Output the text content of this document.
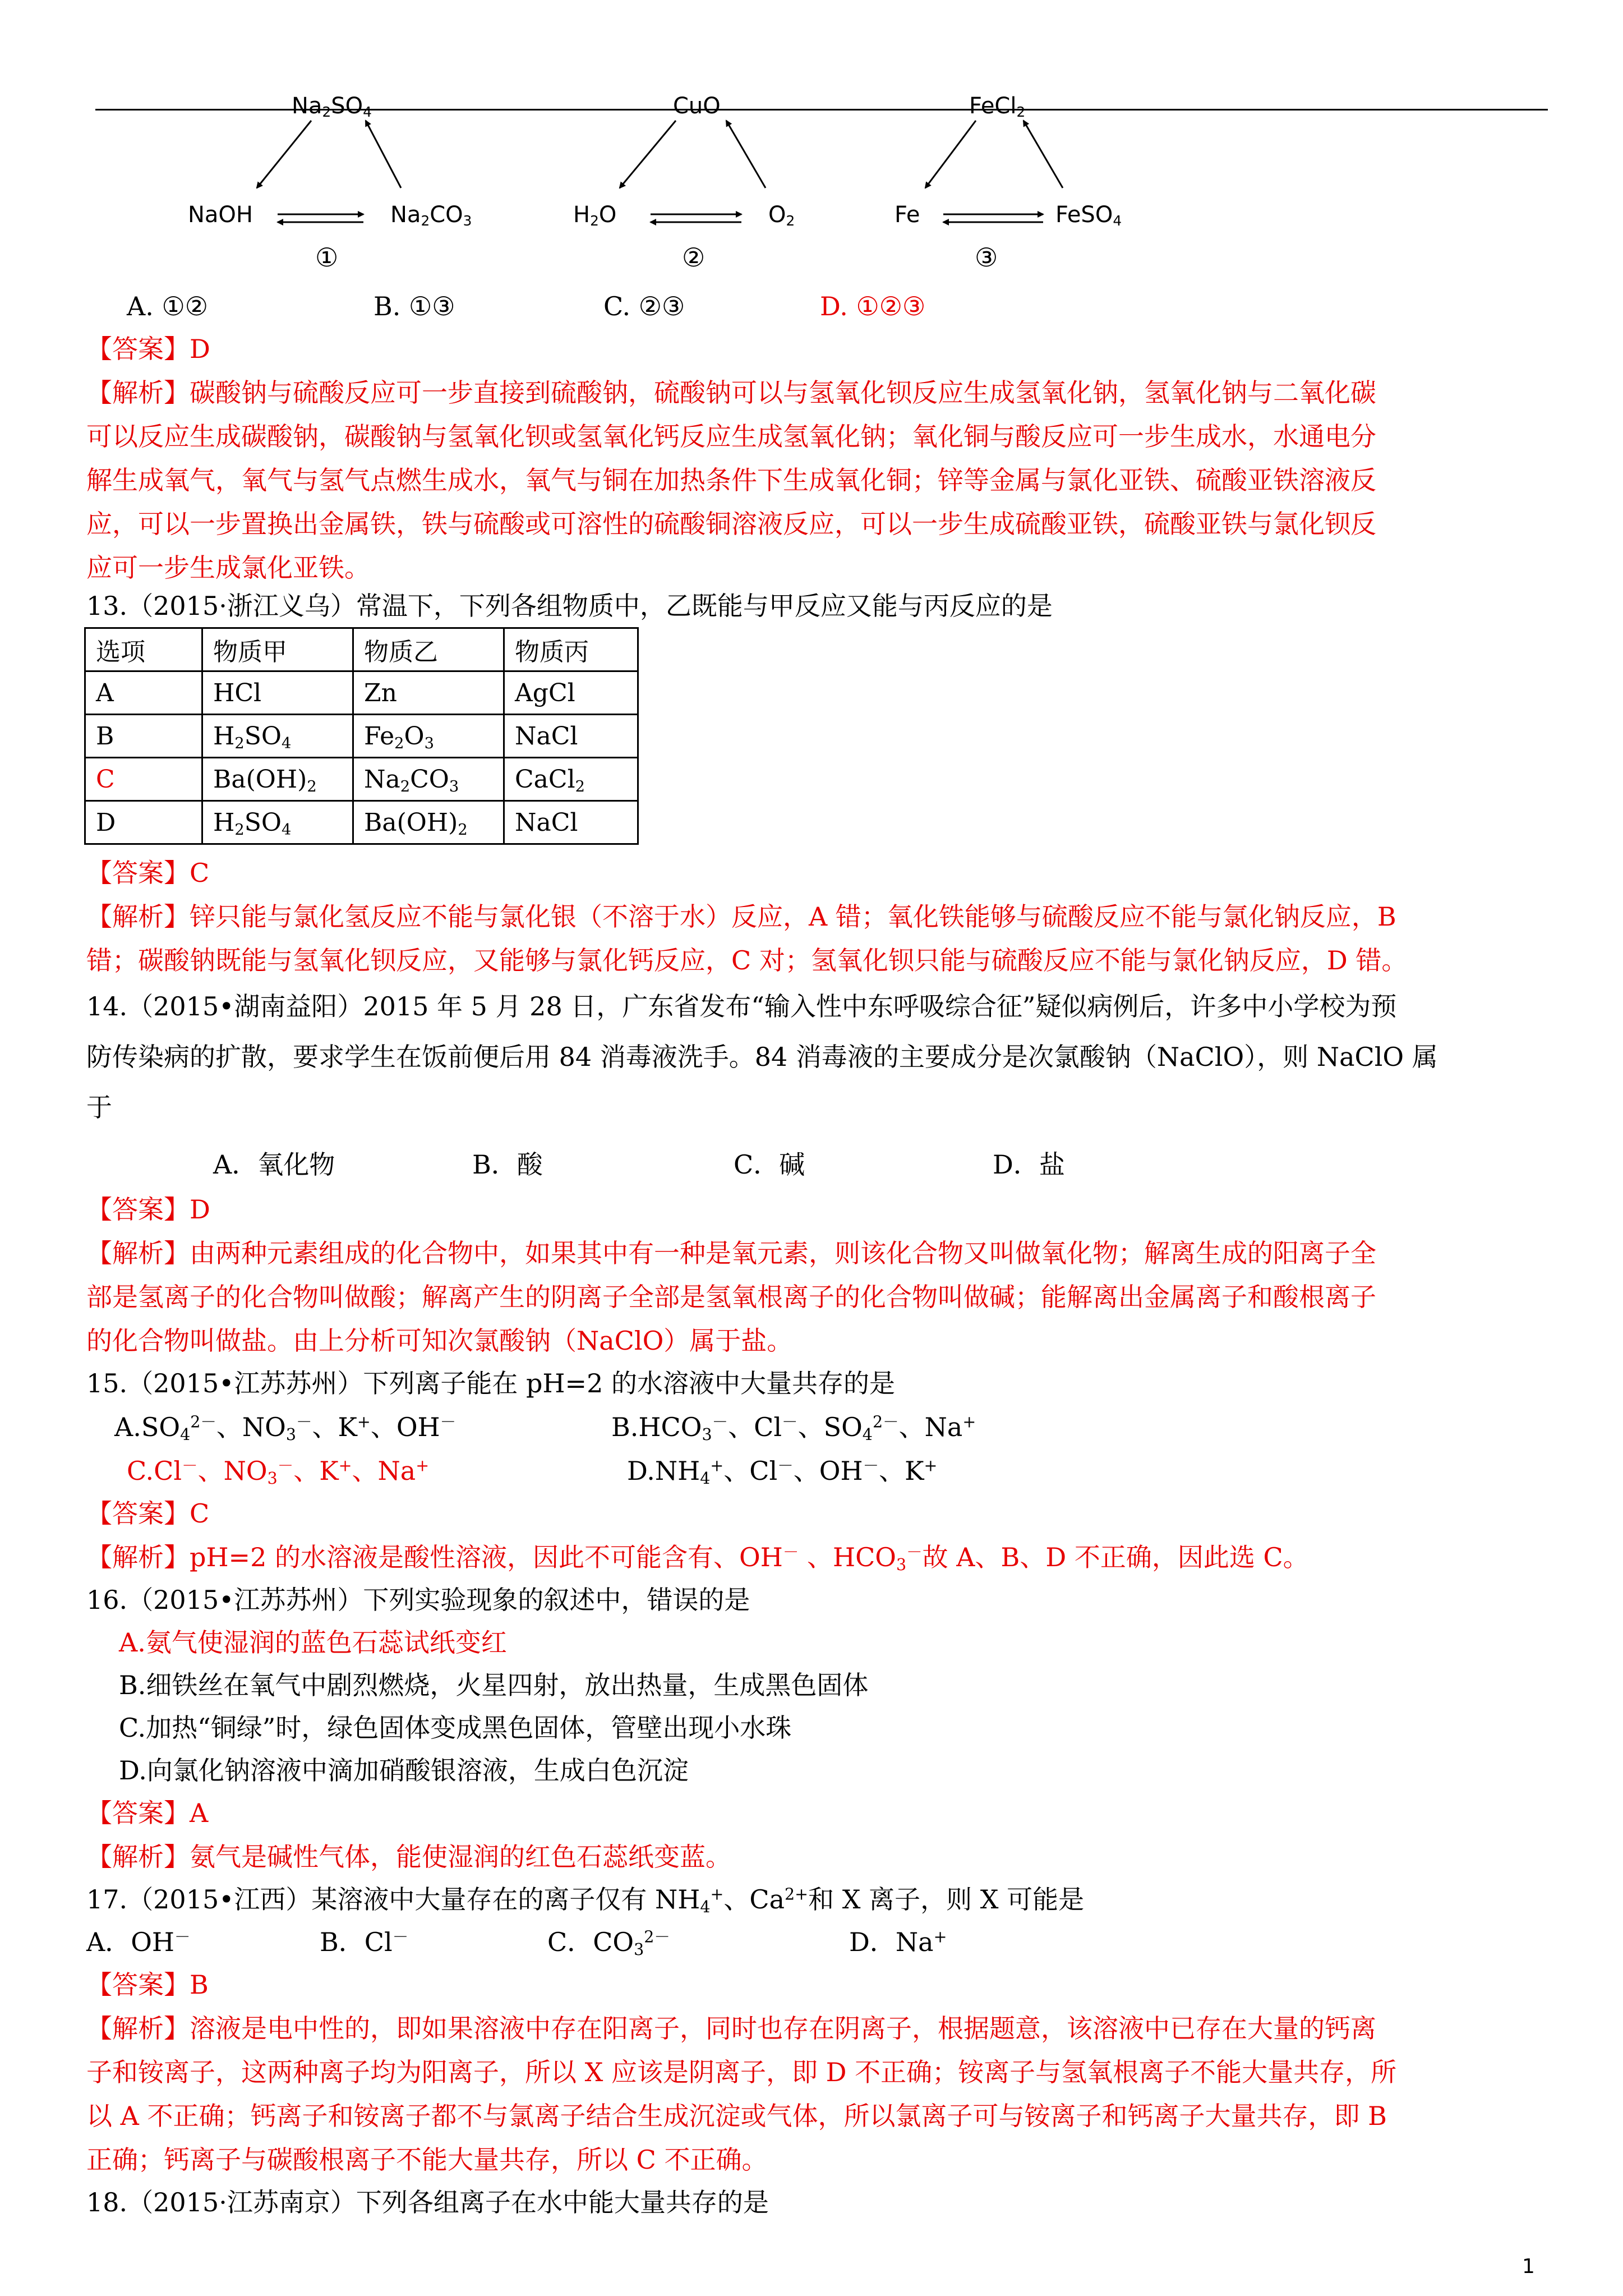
$Na_2SO_4$
NaOH	$Na_2CO_3$
①
CuO
$H_2O$	$O_2$
②
FeCl$_2$
Fe	FeSO$_4$
③
A. ①②	B. ①③	C. ②③	D. ①②③
【答案】D
【解析】碳酸钠与硫酸反应可一步直接到硫酸钠，硫酸钠可以与氢氧化钡反应生成氢氧化钠，氢氧化钠与二氧化碳
可以反应生成碳酸钠，碳酸钠与氢氧化钡或氢氧化钙反应生成氢氧化钠；氧化铜与酸反应可一步生成水，水通电分
解生成氧气，氧气与氢气点燃生成水，氧气与铜在加热条件下生成氧化铜；锌等金属与氯化亚铁、硫酸亚铁溶液反
应，可以一步置换出金属铁，铁与硫酸或可溶性的硫酸铜溶液反应，可以一步生成硫酸亚铁，硫酸亚铁与氯化钡反
应可一步生成氯化亚铁。
13.（2015·浙江义乌）常温下，下列各组物质中，乙既能与甲反应又能与丙反应的是
选项	物质甲	物质乙	物质丙
A	HCl	Zn	AgCl
B	$H_2SO_4$	$Fe_2O_3$	NaCl
C	$Ba(OH)_2$	$Na_2CO_3$	CaCl$_2$
D	$H_2SO_4$	$Ba(OH)_2$	NaCl
【答案】C
【解析】锌只能与氯化氢反应不能与氯化银（不溶于水）反应，A 错；氧化铁能够与硫酸反应不能与氯化钠反应，B
错；碳酸钠既能与氢氧化钡反应，又能够与氯化钙反应，C 对；氢氧化钡只能与硫酸反应不能与氯化钠反应，D 错。
14.（2015•湖南益阳）2015 年 5 月 28 日，广东省发布“输入性中东呼吸综合征”疑似病例后，许多中小学校为预
防传染病的扩散，要求学生在饭前便后用 84 消毒液洗手。84 消毒液的主要成分是次氯酸钠（NaClO），则 NaClO 属
于
A．氧化物	B．酸	C．碱	D．盐
【答案】D
【解析】由两种元素组成的化合物中，如果其中有一种是氧元素，则该化合物又叫做氧化物；解离生成的阳离子全
部是氢离子的化合物叫做酸；解离产生的阴离子全部是氢氧根离子的化合物叫做碱；能解离出金属离子和酸根离子
的化合物叫做盐。由上分析可知次氯酸钠（NaClO）属于盐。
15.（2015•江苏苏州）下列离子能在 pH=2 的水溶液中大量共存的是
$A.SO_4^{2-}$、$NO_3^-$、K+、OH－	$B.HCO_3^-$、Cl－、$SO_4^{2-}$、Na+
C.Cl－、$NO_3^-$、K+、Na+	$D.NH_4^+$、Cl－、OH－、K+
【答案】C
【解析】pH=2 的水溶液是酸性溶液，因此不可能含有、OH－ 、$HCO_3^-$故 A、B、D 不正确，因此选 C。
16.（2015•江苏苏州）下列实验现象的叙述中，错误的是
A.氨气使湿润的蓝色石蕊试纸变红
B.细铁丝在氧气中剧烈燃烧，火星四射，放出热量，生成黑色固体
C.加热“铜绿”时，绿色固体变成黑色固体，管壁出现小水珠
D.向氯化钠溶液中滴加硝酸银溶液，生成白色沉淀
【答案】A
【解析】氨气是碱性气体，能使湿润的红色石蕊纸变蓝。
17.（2015•江西）某溶液中大量存在的离子仅有 $NH_4^+$、$Ca^{2+}$和 X 离子，则 X 可能是
A．OH－	B．Cl－	C．$CO_3^{2-}$	D．Na+
【答案】B
【解析】溶液是电中性的，即如果溶液中存在阳离子，同时也存在阴离子，根据题意，该溶液中已存在大量的钙离
子和铵离子，这两种离子均为阳离子，所以 X 应该是阴离子，即 D 不正确；铵离子与氢氧根离子不能大量共存，所
以 A 不正确；钙离子和铵离子都不与氯离子结合生成沉淀或气体，所以氯离子可与铵离子和钙离子大量共存，即 B
正确；钙离子与碳酸根离子不能大量共存，所以 C 不正确。
18.（2015·江苏南京）下列各组离子在水中能大量共存的是
1
